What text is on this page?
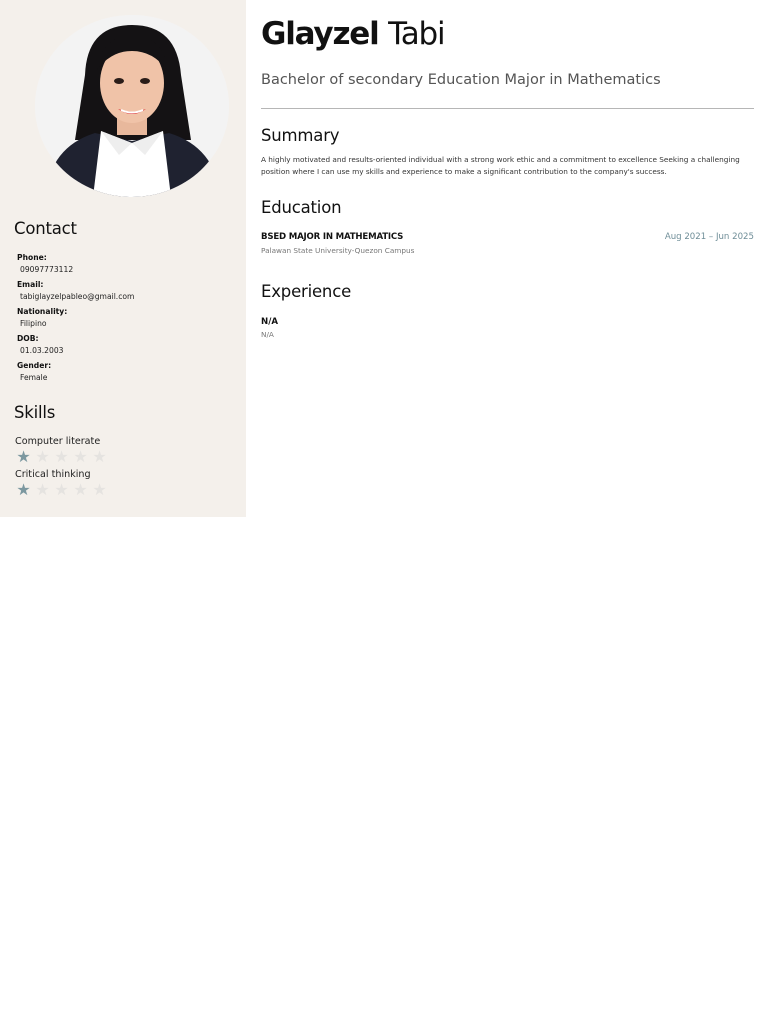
Contact
Phone:
09097773112
Email:
tabiglayzelpableo@gmail.com
Nationality:
Filipino
DOB:
01.03.2003
Gender:
Female
Skills
Computer literate
★ ★ ★ ★ ★
Critical thinking
★ ★ ★ ★ ★
Glayzel Tabi
Bachelor of secondary Education Major in Mathematics
Summary

A highly motivated and results-oriented individual with a strong work ethic and a commitment to excellence Seeking a challenging position where I can use my skills and experience to make a significant contribution to the company's success.

Education
BSED MAJOR IN MATHEMATICS	Aug 2021 – Jun 2025
Palawan State University-Quezon Campus
Experience
N/A
N/A
